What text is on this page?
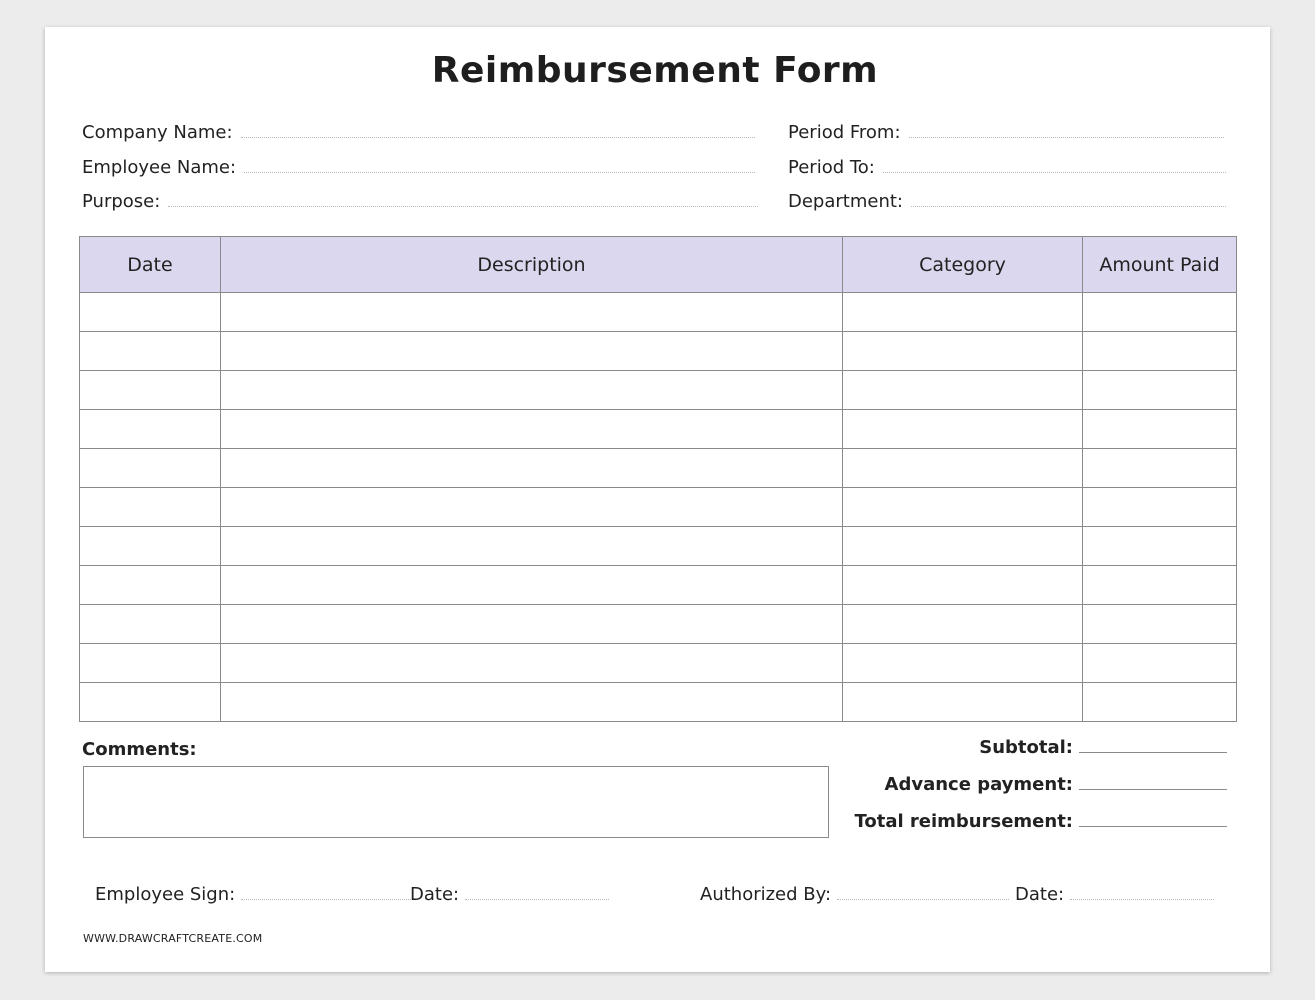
Reimbursement Form
Company Name:
Employee Name:
Purpose:
Period From:
Period To:
Department:
Date	Description	Category	Amount Paid

Comments:	Subtotal:
Advance payment:
Total reimbursement:
Employee Sign:	Date:	Authorized By:	Date:
WWW.DRAWCRAFTCREATE.COM
